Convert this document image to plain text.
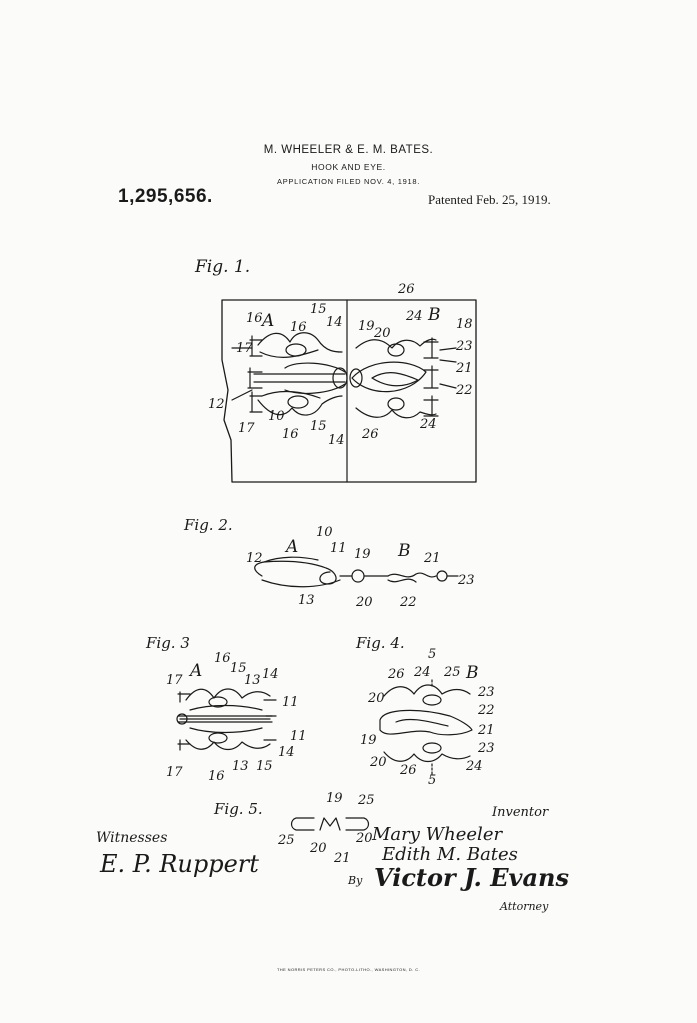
M. WHEELER & E. M. BATES.
HOOK AND EYE.
APPLICATION FILED NOV. 4, 1918.
1,295,656.	Patented Feb. 25, 1919.
Fig. 1.
16 A 16
15
14
17
12
17
10
16
15
14
19 20
26
24 B 18
23
21
22
26
24
Fig. 2.	10
A 11 19 B 21
12
13	20 22
23
Fig. 3
16
A 15
13 14
17
11
11
17 16
13 15
14
Fig. 4.
5
26 24 25 B
20	23
22
21
19
23
20
26	24
5
Fig. 5.
19 25
25
20
20
21
Inventor
Mary Wheeler
Edith M. Bates
By Victor J. Evans
Attorney
Witnesses
E. P. Ruppert
THE NORRIS PETERS CO., PHOTO-LITHO., WASHINGTON, D. C.
